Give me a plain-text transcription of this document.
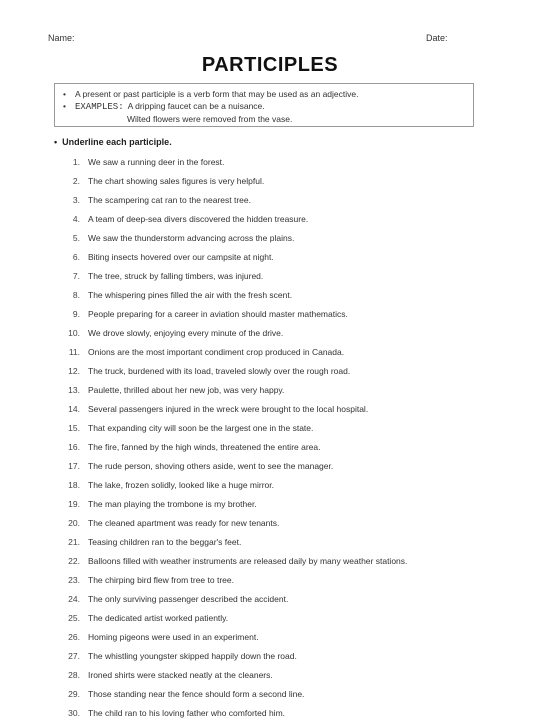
Name:	Date:
PARTICIPLES
•	A present or past participle is a verb form that may be used as an adjective.
•	EXAMPLES: A dripping faucet can be a nuisance.
Wilted flowers were removed from the vase.
•  Underline each participle.
1. We saw a running deer in the forest.
2. The chart showing sales figures is very helpful.
3. The scampering cat ran to the nearest tree.
4. A team of deep-sea divers discovered the hidden treasure.
5. We saw the thunderstorm advancing across the plains.
6. Biting insects hovered over our campsite at night.
7. The tree, struck by falling timbers, was injured.
8. The whispering pines filled the air with the fresh scent.
9. People preparing for a career in aviation should master mathematics.
10. We drove slowly, enjoying every minute of the drive.
11. Onions are the most important condiment crop produced in Canada.
12. The truck, burdened with its load, traveled slowly over the rough road.
13. Paulette, thrilled about her new job, was very happy.
14. Several passengers injured in the wreck were brought to the local hospital.
15. That expanding city will soon be the largest one in the state.
16. The fire, fanned by the high winds, threatened the entire area.
17. The rude person, shoving others aside, went to see the manager.
18. The lake, frozen solidly, looked like a huge mirror.
19. The man playing the trombone is my brother.
20. The cleaned apartment was ready for new tenants.
21. Teasing children ran to the beggar's feet.
22. Balloons filled with weather instruments are released daily by many weather stations.
23. The chirping bird flew from tree to tree.
24. The only surviving passenger described the accident.
25. The dedicated artist worked patiently.
26. Homing pigeons were used in an experiment.
27. The whistling youngster skipped happily down the road.
28. Ironed shirts were stacked neatly at the cleaners.
29. Those standing near the fence should form a second line.
30. The child ran to his loving father who comforted him.
